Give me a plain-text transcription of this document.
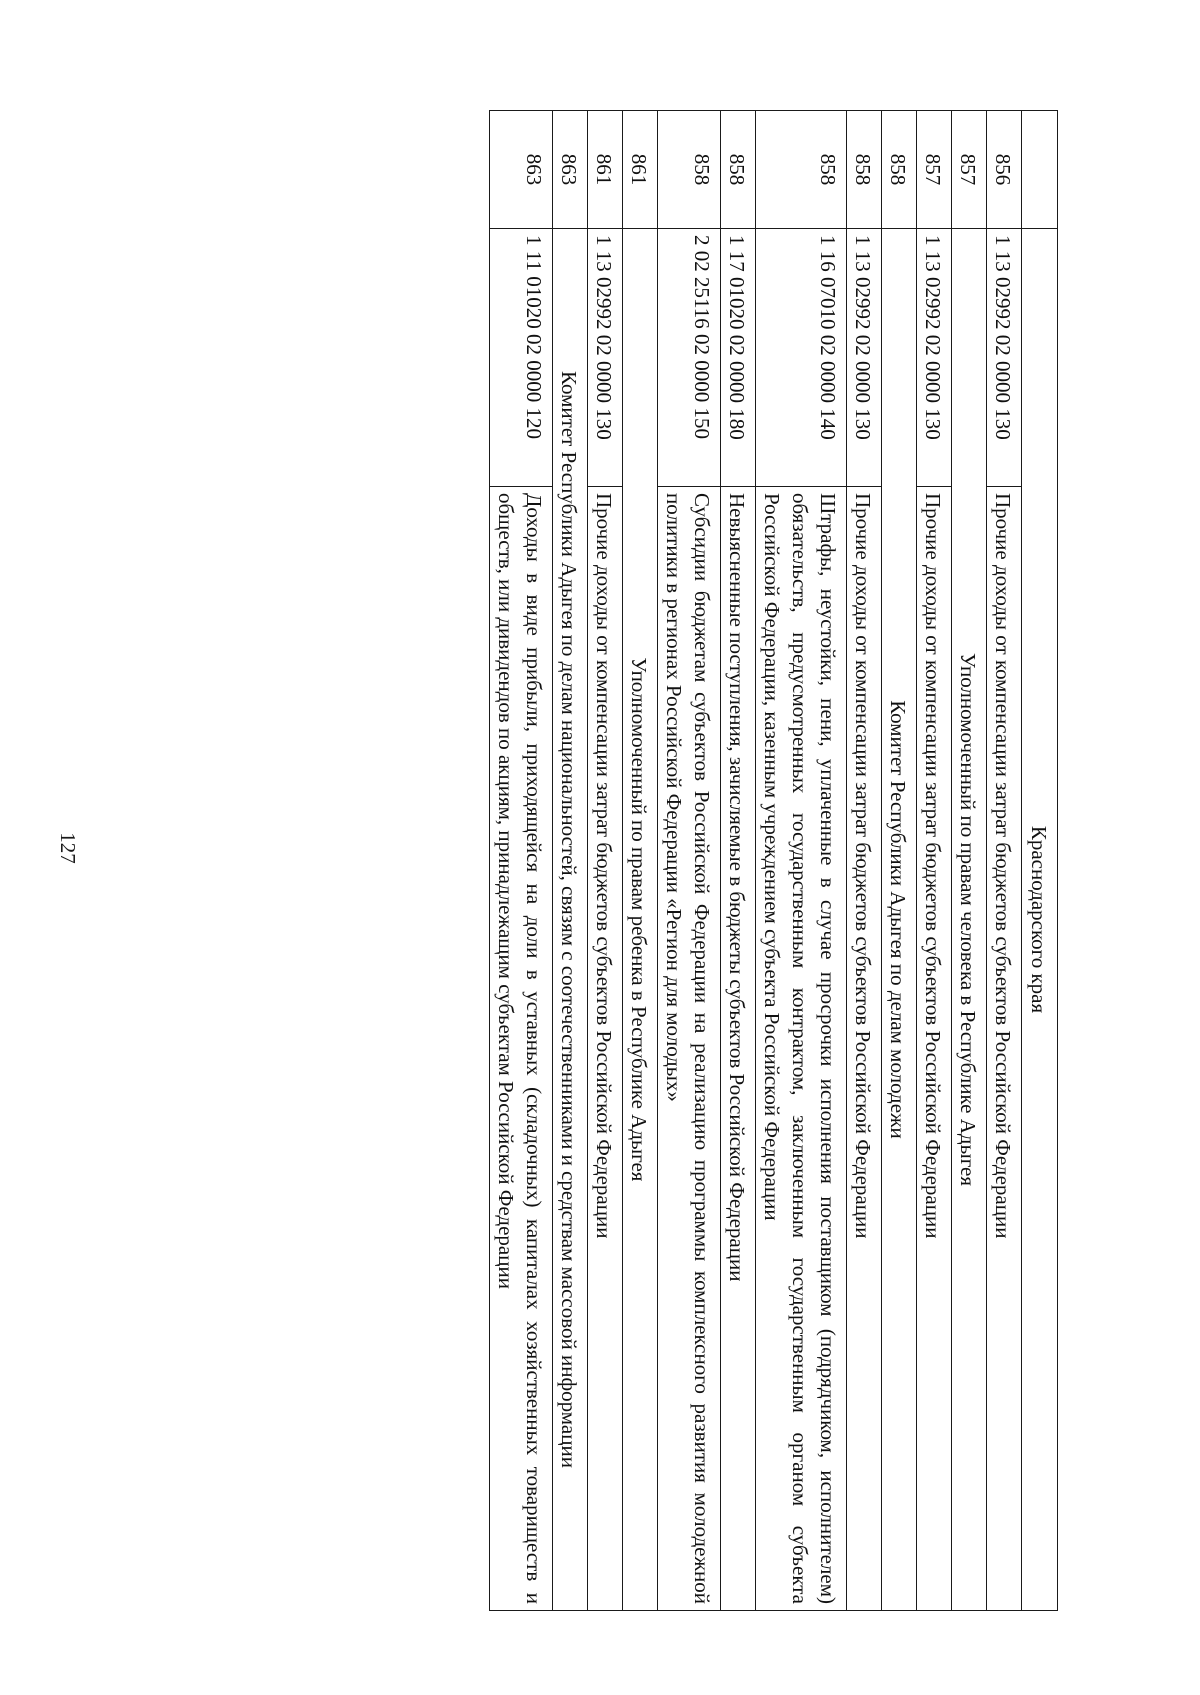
127
		Краснодарского края	
856	1 13 02992 02 0000 130	Прочие доходы от компенсации затрат бюджетов субъектов Российской Федерации
857	Уполномоченный по правам человека в Республике Адыгея	
857	1 13 02992 02 0000 130	Прочие доходы от компенсации затрат бюджетов субъектов Российской Федерации
858	Комитет Республики Адыгея по делам молодежи	
858	1 13 02992 02 0000 130	Прочие доходы от компенсации затрат бюджетов субъектов Российской Федерации
858	1 16 07010 02 0000 140	Штрафы, неустойки, пени, уплаченные в случае просрочки исполнения поставщиком (подрядчиком, исполнителем) обязательств, предусмотренных государственным контрактом, заключенным государственным органом субъекта Российской Федерации, казенным учреждением субъекта Российской Федерации
858	1 17 01020 02 0000 180	Невыясненные поступления, зачисляемые в бюджеты субъектов Российской Федерации
858	2 02 25116 02 0000 150	Субсидии бюджетам субъектов Российской Федерации на реализацию программы комплексного развития молодежной политики в регионах Российской Федерации «Регион для молодых»
861	Уполномоченный по правам ребенка в Республике Адыгея	
861	1 13 02992 02 0000 130	Прочие доходы от компенсации затрат бюджетов субъектов Российской Федерации
863	Комитет Республики Адыгея по делам национальностей, связям с соотечественниками и средствам массовой информации	
863	1 11 01020 02 0000 120	Доходы в виде прибыли, приходящейся на доли в уставных (складочных) капиталах хозяйственных товариществ и обществ, или дивидендов по акциям, принадлежащим субъектам Российской Федерации
